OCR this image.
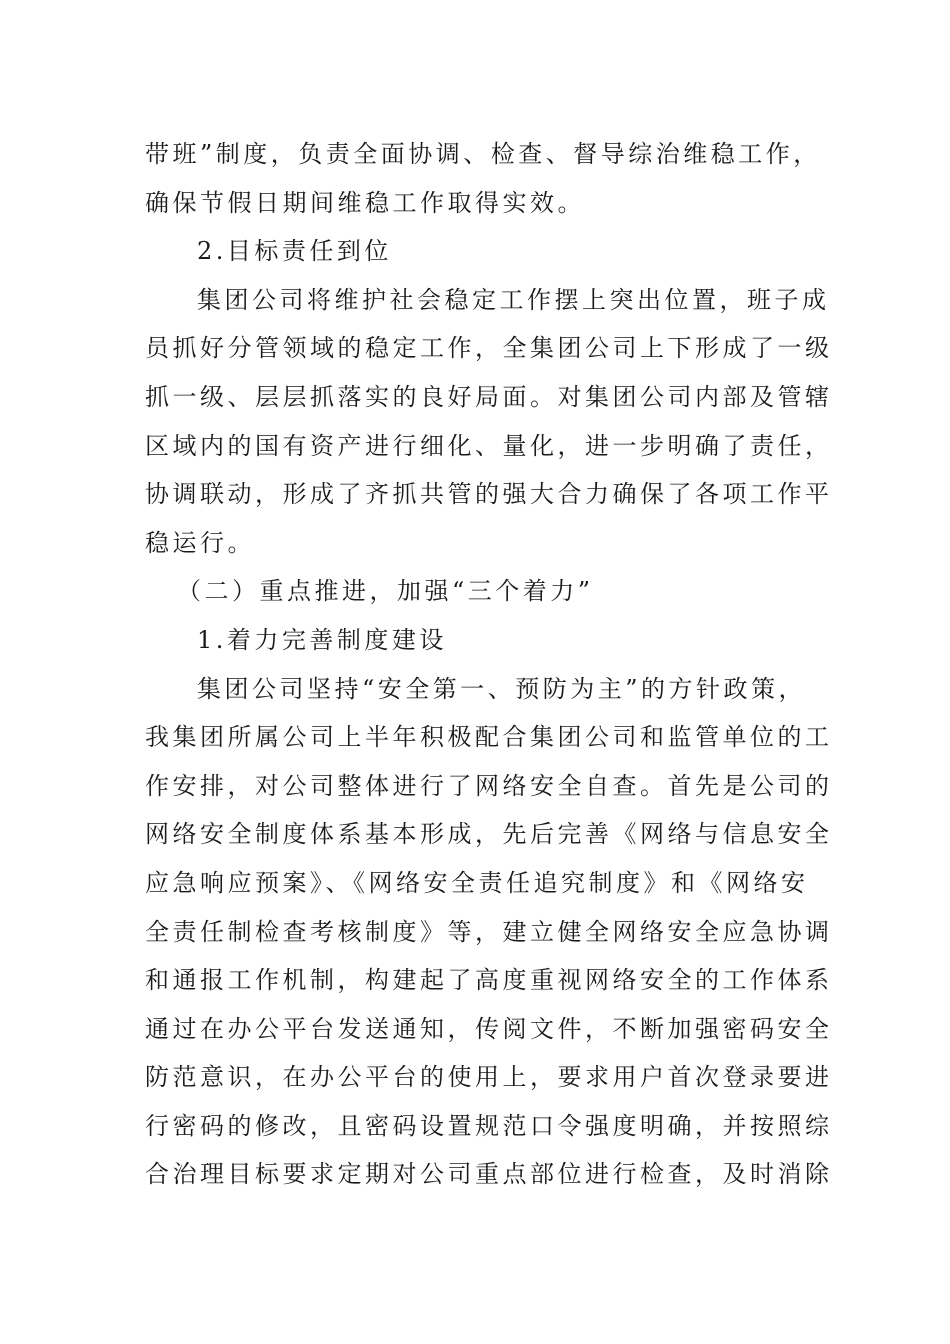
带班”制度，负责全面协调、检查、督导综治维稳工作，
确保节假日期间维稳工作取得实效。
2.目标责任到位
集团公司将维护社会稳定工作摆上突出位置，班子成
员抓好分管领域的稳定工作，全集团公司上下形成了一级
抓一级、层层抓落实的良好局面。对集团公司内部及管辖
区域内的国有资产进行细化、量化，进一步明确了责任，
协调联动，形成了齐抓共管的强大合力确保了各项工作平
稳运行。
（二）重点推进，加强“三个着力”
1.着力完善制度建设
集团公司坚持“安全第一、预防为主”的方针政策，
我集团所属公司上半年积极配合集团公司和监管单位的工
作安排，对公司整体进行了网络安全自查。首先是公司的
网络安全制度体系基本形成，先后完善《网络与信息安全
应急响应预案》、《网络安全责任追究制度》和《网络安
全责任制检查考核制度》等，建立健全网络安全应急协调
和通报工作机制，构建起了高度重视网络安全的工作体系
通过在办公平台发送通知，传阅文件，不断加强密码安全
防范意识，在办公平台的使用上，要求用户首次登录要进
行密码的修改，且密码设置规范口令强度明确，并按照综
合治理目标要求定期对公司重点部位进行检查，及时消除
